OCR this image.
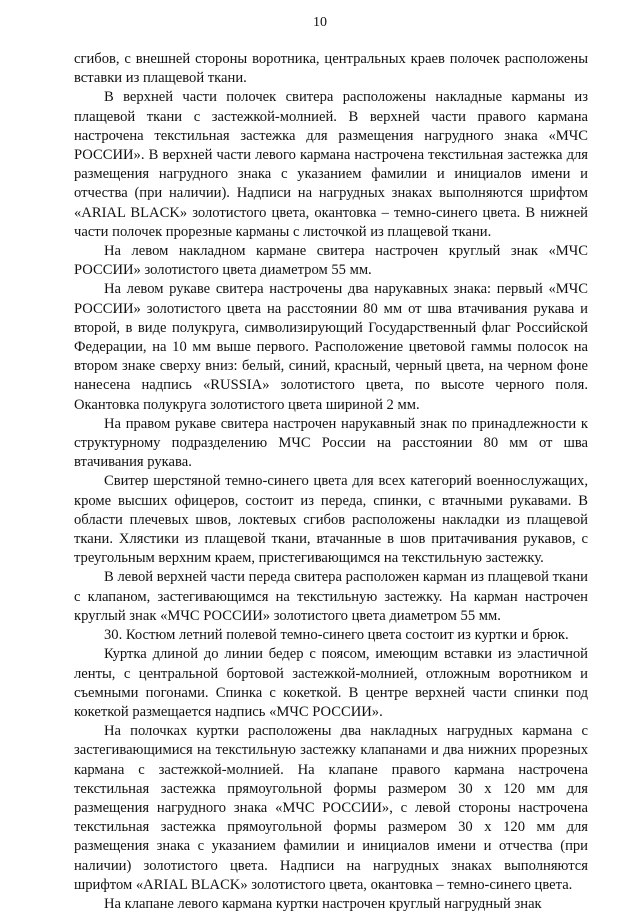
10

сгибов, с внешней стороны воротника, центральных краев полочек расположены вставки из плащевой ткани.

В верхней части полочек свитера расположены накладные карманы из плащевой ткани с застежкой-молнией. В верхней части правого кармана настрочена текстильная застежка для размещения нагрудного знака «МЧС РОССИИ». В верхней части левого кармана настрочена текстильная застежка для размещения нагрудного знака с указанием фамилии и инициалов имени и отчества (при наличии). Надписи на нагрудных знаках выполняются шрифтом «ARIAL BLACK» золотистого цвета, окантовка – темно-синего цвета. В нижней части полочек прорезные карманы с листочкой из плащевой ткани.

На левом накладном кармане свитера настрочен круглый знак «МЧС РОССИИ» золотистого цвета диаметром 55 мм.

На левом рукаве свитера настрочены два нарукавных знака: первый «МЧС РОССИИ» золотистого цвета на расстоянии 80 мм от шва втачивания рукава и второй, в виде полукруга, символизирующий Государственный флаг Российской Федерации, на 10 мм выше первого. Расположение цветовой гаммы полосок на втором знаке сверху вниз: белый, синий, красный, черный цвета, на черном фоне нанесена надпись «RUSSIA» золотистого цвета, по высоте черного поля. Окантовка полукруга золотистого цвета шириной 2 мм.

На правом рукаве свитера настрочен нарукавный знак по принадлежности к структурному подразделению МЧС России на расстоянии 80 мм от шва втачивания рукава.

Свитер шерстяной темно-синего цвета для всех категорий военнослужащих, кроме высших офицеров, состоит из переда, спинки, с втачными рукавами. В области плечевых швов, локтевых сгибов расположены накладки из плащевой ткани. Хлястики из плащевой ткани, втачанные в шов притачивания рукавов, с треугольным верхним краем, пристегивающимся на текстильную застежку.

В левой верхней части переда свитера расположен карман из плащевой ткани с клапаном, застегивающимся на текстильную застежку. На карман настрочен круглый знак «МЧС РОССИИ» золотистого цвета диаметром 55 мм.

30. Костюм летний полевой темно-синего цвета состоит из куртки и брюк.

Куртка длиной до линии бедер с поясом, имеющим вставки из эластичной ленты, с центральной бортовой застежкой-молнией, отложным воротником и съемными погонами. Спинка с кокеткой. В центре верхней части спинки под кокеткой размещается надпись «МЧС РОССИИ».

На полочках куртки расположены два накладных нагрудных кармана с застегивающимися на текстильную застежку клапанами и два нижних прорезных кармана с застежкой-молнией. На клапане правого кармана настрочена текстильная застежка прямоугольной формы размером 30 х 120 мм для размещения нагрудного знака «МЧС РОССИИ», с левой стороны настрочена текстильная застежка прямоугольной формы размером 30 х 120 мм для размещения знака с указанием фамилии и инициалов имени и отчества (при наличии) золотистого цвета. Надписи на нагрудных знаках выполняются шрифтом «ARIAL BLACK» золотистого цвета, окантовка – темно-синего цвета.

На клапане левого кармана куртки настрочен круглый нагрудный знак
